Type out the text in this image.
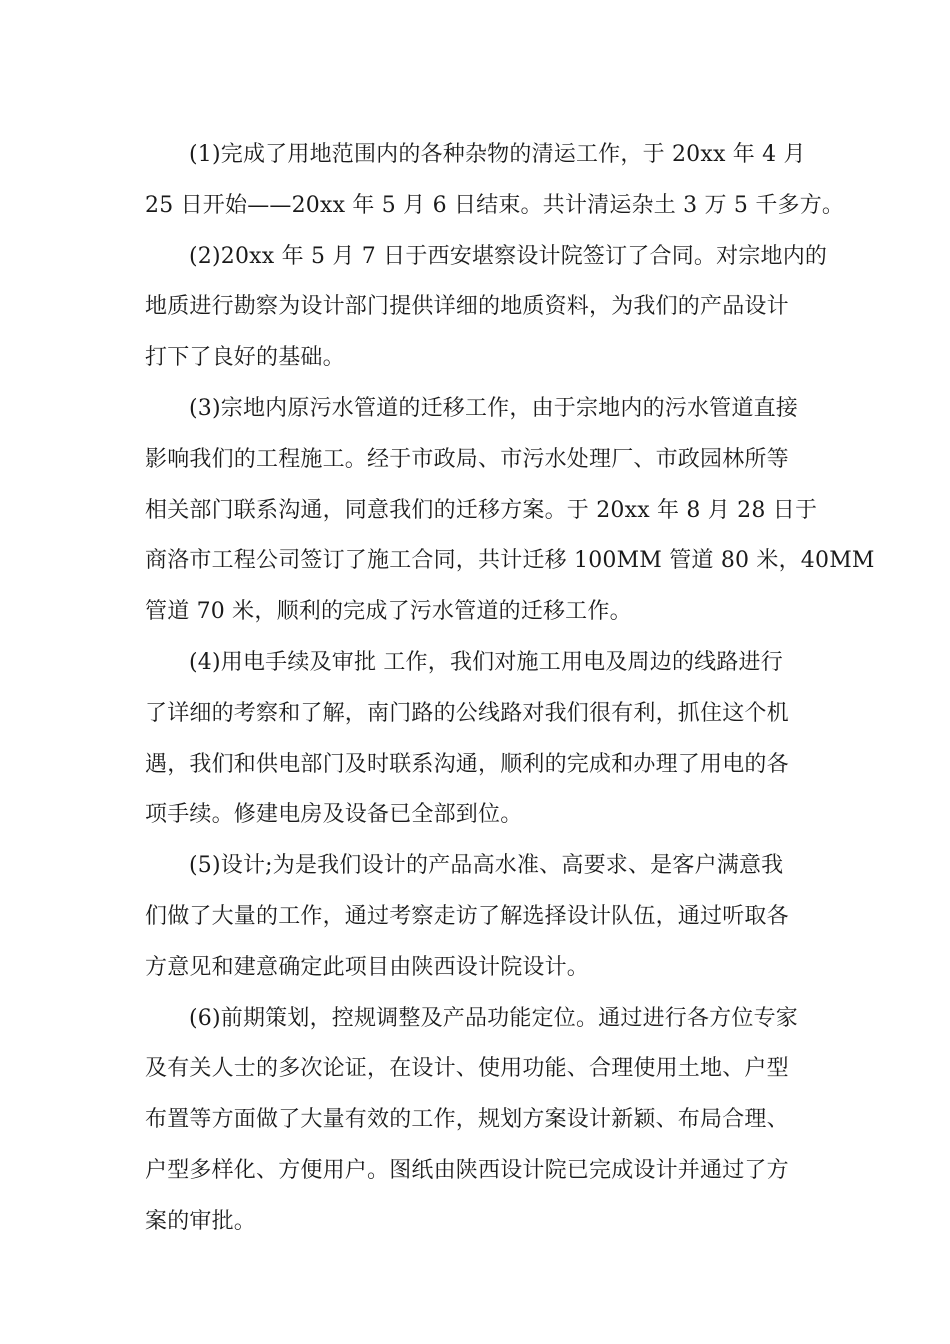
(1)完成了用地范围内的各种杂物的清运工作，于 20xx 年 4 月
25 日开始——20xx 年 5 月 6 日结束。共计清运杂土 3 万 5 千多方。
(2)20xx 年 5 月 7 日于西安堪察设计院签订了合同。对宗地内的
地质进行勘察为设计部门提供详细的地质资料，为我们的产品设计
打下了良好的基础。
(3)宗地内原污水管道的迁移工作，由于宗地内的污水管道直接
影响我们的工程施工。经于市政局、市污水处理厂、市政园林所等
相关部门联系沟通，同意我们的迁移方案。于 20xx 年 8 月 28 日于
商洛市工程公司签订了施工合同，共计迁移 100MM 管道 80 米，40MM
管道 70 米，顺利的完成了污水管道的迁移工作。
(4)用电手续及审批 工作，我们对施工用电及周边的线路进行
了详细的考察和了解，南门路的公线路对我们很有利，抓住这个机
遇，我们和供电部门及时联系沟通，顺利的完成和办理了用电的各
项手续。修建电房及设备已全部到位。
(5)设计;为是我们设计的产品高水准、高要求、是客户满意我
们做了大量的工作，通过考察走访了解选择设计队伍，通过听取各
方意见和建意确定此项目由陕西设计院设计。
(6)前期策划，控规调整及产品功能定位。通过进行各方位专家
及有关人士的多次论证，在设计、使用功能、合理使用土地、户型
布置等方面做了大量有效的工作，规划方案设计新颖、布局合理、
户型多样化、方便用户。图纸由陕西设计院已完成设计并通过了方
案的审批。
